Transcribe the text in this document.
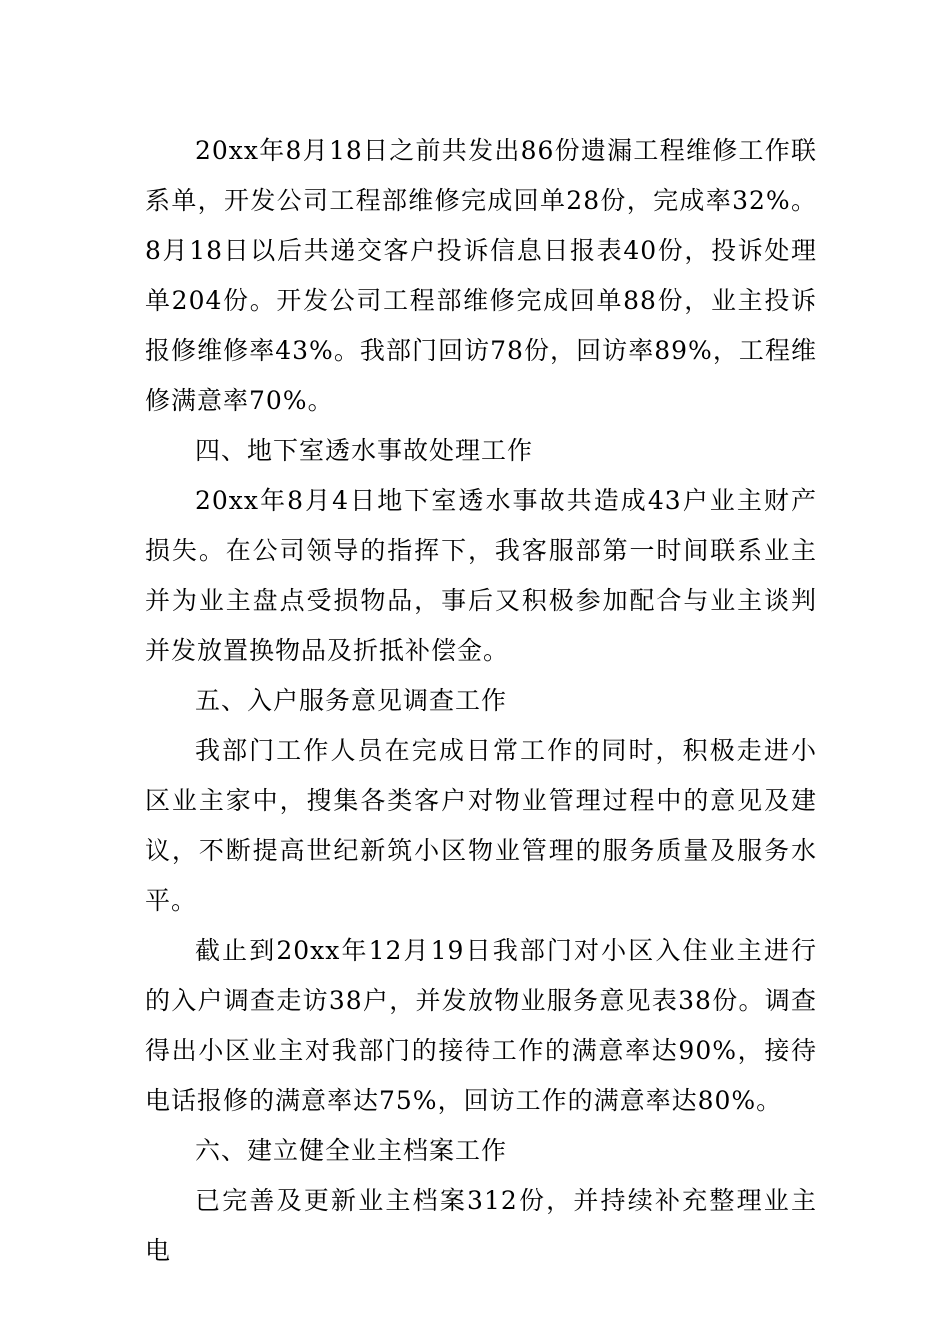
20xx年8月18日之前共发出86份遗漏工程维修工作联系单，开发公司工程部维修完成回单28份，完成率32%。8月18日以后共递交客户投诉信息日报表40份，投诉处理单204份。开发公司工程部维修完成回单88份，业主投诉报修维修率43%。我部门回访78份，回访率89%，工程维修满意率70%。

四、地下室透水事故处理工作

20xx年8月4日地下室透水事故共造成43户业主财产损失。在公司领导的指挥下，我客服部第一时间联系业主并为业主盘点受损物品，事后又积极参加配合与业主谈判并发放置换物品及折抵补偿金。

五、入户服务意见调查工作

我部门工作人员在完成日常工作的同时，积极走进小区业主家中，搜集各类客户对物业管理过程中的意见及建议，不断提高世纪新筑小区物业管理的服务质量及服务水平。

截止到20xx年12月19日我部门对小区入住业主进行的入户调查走访38户，并发放物业服务意见表38份。调查得出小区业主对我部门的接待工作的满意率达90%，接待电话报修的满意率达75%，回访工作的满意率达80%。

六、建立健全业主档案工作

已完善及更新业主档案312份，并持续补充整理业主电
